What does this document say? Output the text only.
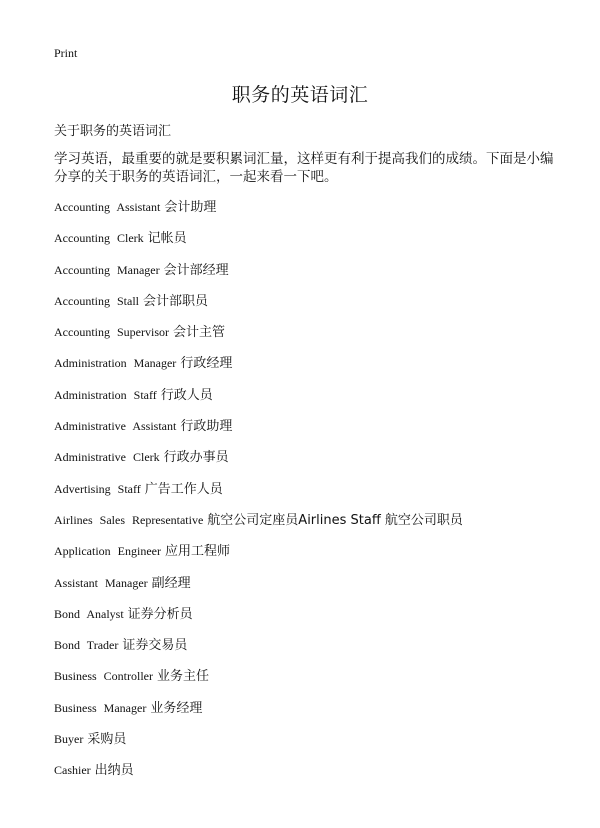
Print
职务的英语词汇
关于职务的英语词汇
学习英语，最重要的就是要积累词汇量，这样更有利于提高我们的成绩。下面是小编分享的关于职务的英语词汇，一起来看一下吧。
Accounting Assistant 会计助理
Accounting Clerk 记帐员
Accounting Manager 会计部经理
Accounting Stall 会计部职员
Accounting Supervisor 会计主管
Administration Manager 行政经理
Administration Staff 行政人员
Administrative Assistant 行政助理
Administrative Clerk 行政办事员
Advertising Staff 广告工作人员
Airlines Sales Representative 航空公司定座员Airlines Staff 航空公司职员
Application Engineer 应用工程师
Assistant Manager 副经理
Bond Analyst 证券分析员
Bond Trader 证券交易员
Business Controller 业务主任
Business Manager 业务经理
Buyer 采购员
Cashier 出纳员
